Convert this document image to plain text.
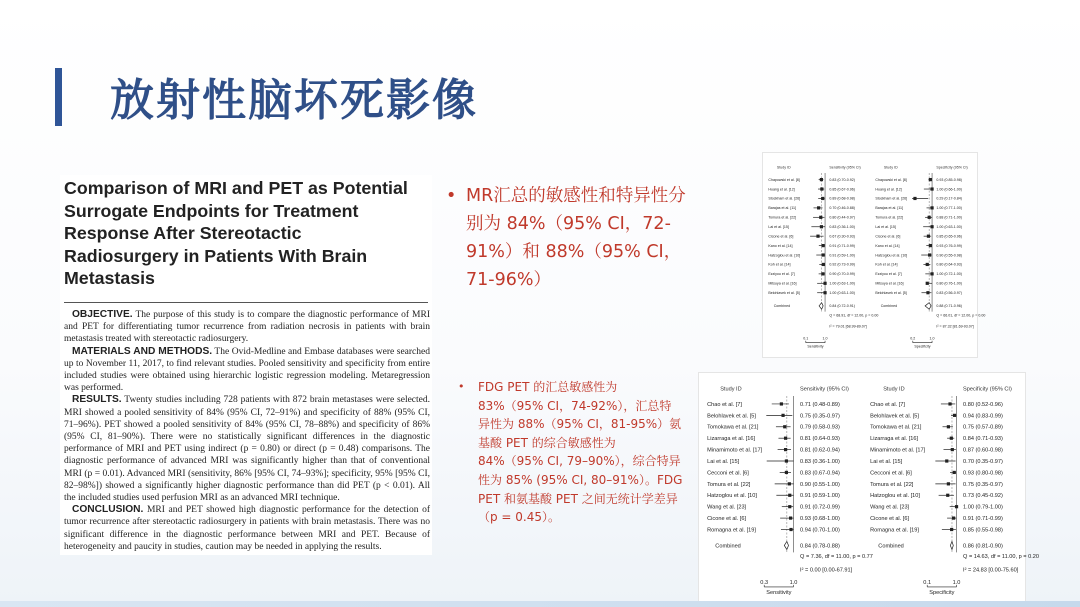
放射性脑坏死影像
Comparison of MRI and PET as Potential Surrogate Endpoints for Treatment Response After Stereotactic Radiosurgery in Patients With Brain Metastasis

OBJECTIVE. The purpose of this study is to compare the diagnostic performance of MRI and PET for differentiating tumor recurrence from radiation necrosis in patients with brain metastasis treated with stereotactic radiosurgery.

MATERIALS AND METHODS. The Ovid-Medline and Embase databases were searched up to November 11, 2017, to find relevant studies. Pooled sensitivity and specificity from entire included studies were obtained using hierarchic logistic regression modeling. Metaregression was performed.

RESULTS. Twenty studies including 728 patients with 872 brain metastases were selected. MRI showed a pooled sensitivity of 84% (95% CI, 72–91%) and specificity of 88% (95% CI, 71–96%). PET showed a pooled sensitivity of 84% (95% CI, 78–88%) and specificity of 86% (95% CI, 81–90%). There were no statistically significant differences in the diagnostic performance of MRI and PET using indirect (p = 0.80) or direct (p = 0.48) comparisons. The diagnostic performance of advanced MRI was significantly higher than that of conventional MRI (p = 0.01). Advanced MRI (sensitivity, 86% [95% CI, 74–93%]; specificity, 95% [95% CI, 82–98%]) showed a significantly higher diagnostic performance than did PET (p < 0.01). All the included studies used perfusion MRI as an advanced MRI technique.

CONCLUSION. MRI and PET showed high diagnostic performance for the detection of tumor recurrence after stereotactic radiosurgery in patients with brain metastasis. There was no significant difference in the diagnostic performance between MRI and PET. Because of heterogeneity and paucity in studies, caution may be needed in applying the results.

• MR汇总的敏感性和特异性分别为 84%（95% CI，72-91%）和 88%（95% CI，71-96%）
• FDG PET 的汇总敏感性为 83%（95% CI，74-92%），汇总特异性为 88%（95% CI，81-95%）氨基酸 PET 的综合敏感性为 84%（95% CI, 79–90%），综合特异性为 85% (95% CI, 80–91%）。FDG PET 和氨基酸 PET 之间无统计学差异（p = 0.45）。
Study ID	Sensitivity (95% CI)
Chapowski et al. [8]	0.83 (0.70-0.92)
Huang et al. [12]	0.85 (0.67-0.96)
Stockham et al. [26]	0.89 (0.68-0.98)
Barajas et al. [11]	0.70 (0.46-0.88)
Tomura et al. [22]	0.80 (0.44-0.97)
Lai et al. [15]	0.83 (0.36-1.00)
Cicone et al. [6]	0.67 (0.30-0.93)
Kano et al. [14]	0.91 (0.71-0.99)
Hatzoglou et al. [10]	0.91 (0.59-1.00)
Koh et al. [14]	0.92 (0.73-0.99)
Ezziyou et al. [7]	0.90 (0.70-0.99)
Mitsuya et al. [16]	1.00 (0.63-1.00)
Belohlavek et al. [5]	1.00 (0.63-1.00)
Combined	0.84 (0.72-0.91)
Q = 68.91, df = 12.00, p = 0.00
I² = 79.01 [68.99-89.07]
0.1	1.0
Sensitivity
Study ID	Specificity (95% CI)
Chapowski et al. [8]	0.93 (0.85-0.98)
Huang et al. [12]	1.00 (0.66-1.00)
Stockham et al. [26]	0.29 (0.17-0.84)
Barajas et al. [11]	1.00 (0.77-1.00)
Tomura et al. [22]	0.88 (0.71-1.00)
Lai et al. [15]	1.00 (0.63-1.00)
Cicone et al. [6]	0.85 (0.65-0.96)
Kano et al. [14]	0.93 (0.76-0.99)
Hatzoglou et al. [10]	0.90 (0.55-0.98)
Koh et al. [14]	0.80 (0.64-0.93)
Ezziyou et al. [7]	1.00 (0.72-1.00)
Mitsuya et al. [16]	0.80 (0.76-1.00)
Belohlavek et al. [5]	0.83 (0.56-0.97)
Combined	0.88 (0.71-0.96)
Q = 66.01, df = 12.00, p = 0.00
I² = 87.32 [81.69-93.07]
0.2	1.0
Specificity
Study ID	Sensitivity (95% CI)
Chao et al. [7]	0.71 (0.48-0.89)
Belohlavek et al. [5]	0.75 (0.35-0.97)
Tomokawa et al. [21]	0.79 (0.58-0.93)
Lizarraga et al. [16]	0.81 (0.64-0.93)
Minamimoto et al. [17]	0.81 (0.62-0.94)
Lai et al. [15]	0.83 (0.36-1.00)
Cecconi et al. [6]	0.83 (0.67-0.94)
Tomura et al. [22]	0.90 (0.55-1.00)
Hatzoglou et al. [10]	0.91 (0.59-1.00)
Wang et al. [23]	0.91 (0.72-0.99)
Cicone et al. [6]	0.93 (0.68-1.00)
Romagna et al. [19]	0.94 (0.70-1.00)
Combined	0.84 (0.78-0.88)
Q = 7.36, df = 11.00, p = 0.77
I² = 0.00 [0.00-67.91]
0.3	1.0
Sensitivity
Study ID	Specificity (95% CI)
Chao et al. [7]	0.80 (0.52-0.96)
Belohlavek et al. [5]	0.94 (0.83-0.99)
Tomokawa et al. [21]	0.75 (0.57-0.89)
Lizarraga et al. [16]	0.84 (0.71-0.93)
Minamimoto et al. [17]	0.87 (0.60-0.98)
Lai et al. [15]	0.70 (0.35-0.97)
Cecconi et al. [6]	0.93 (0.80-0.98)
Tomura et al. [22]	0.75 (0.35-0.97)
Hatzoglou et al. [10]	0.73 (0.45-0.92)
Wang et al. [23]	1.00 (0.79-1.00)
Cicone et al. [6]	0.91 (0.71-0.99)
Romagna et al. [19]	0.85 (0.55-0.98)
Combined	0.86 (0.81-0.90)
Q = 14.63, df = 11.00, p = 0.20
I² = 24.83 [0.00-75.60]
0.1	1.0
Specificity
